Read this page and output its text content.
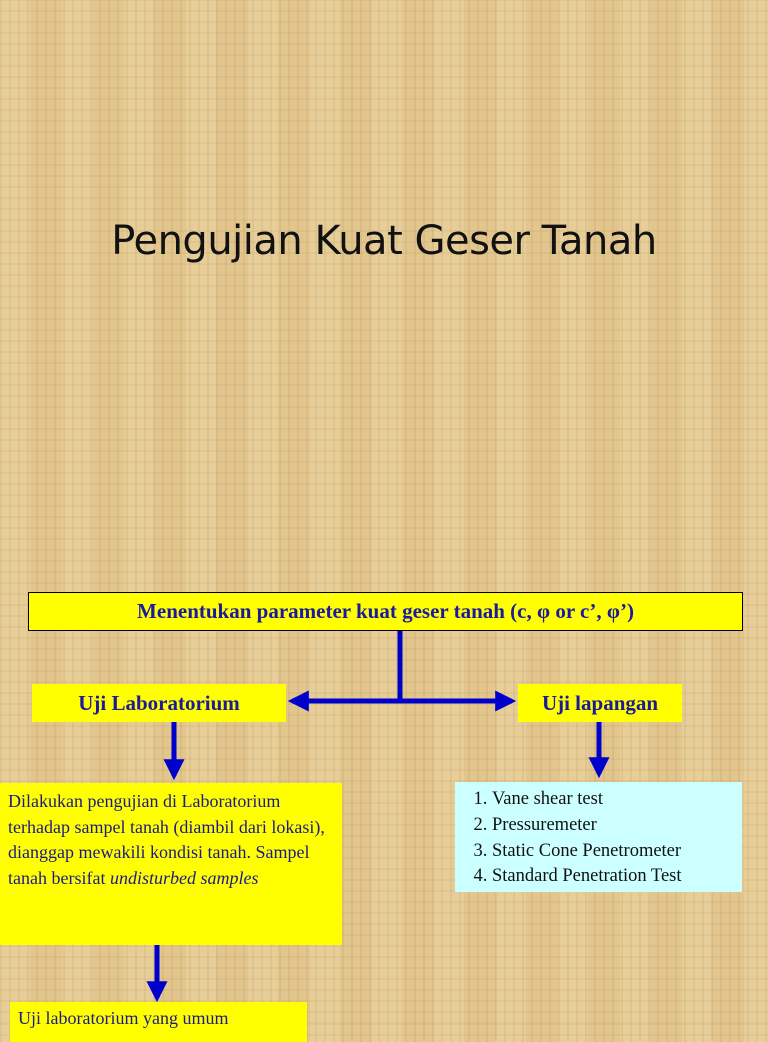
Pengujian Kuat Geser Tanah
Menentukan parameter kuat geser tanah (c, φ or c’, φ’)
Uji Laboratorium	Uji lapangan
Dilakukan pengujian di Laboratorium terhadap sampel tanah (diambil dari lokasi), dianggap mewakili kondisi tanah. Sampel tanah bersifat undisturbed samples
1. Vane shear test
2. Pressuremeter
3. Static Cone Penetrometer
4. Standard Penetration Test
Uji laboratorium yang umum
